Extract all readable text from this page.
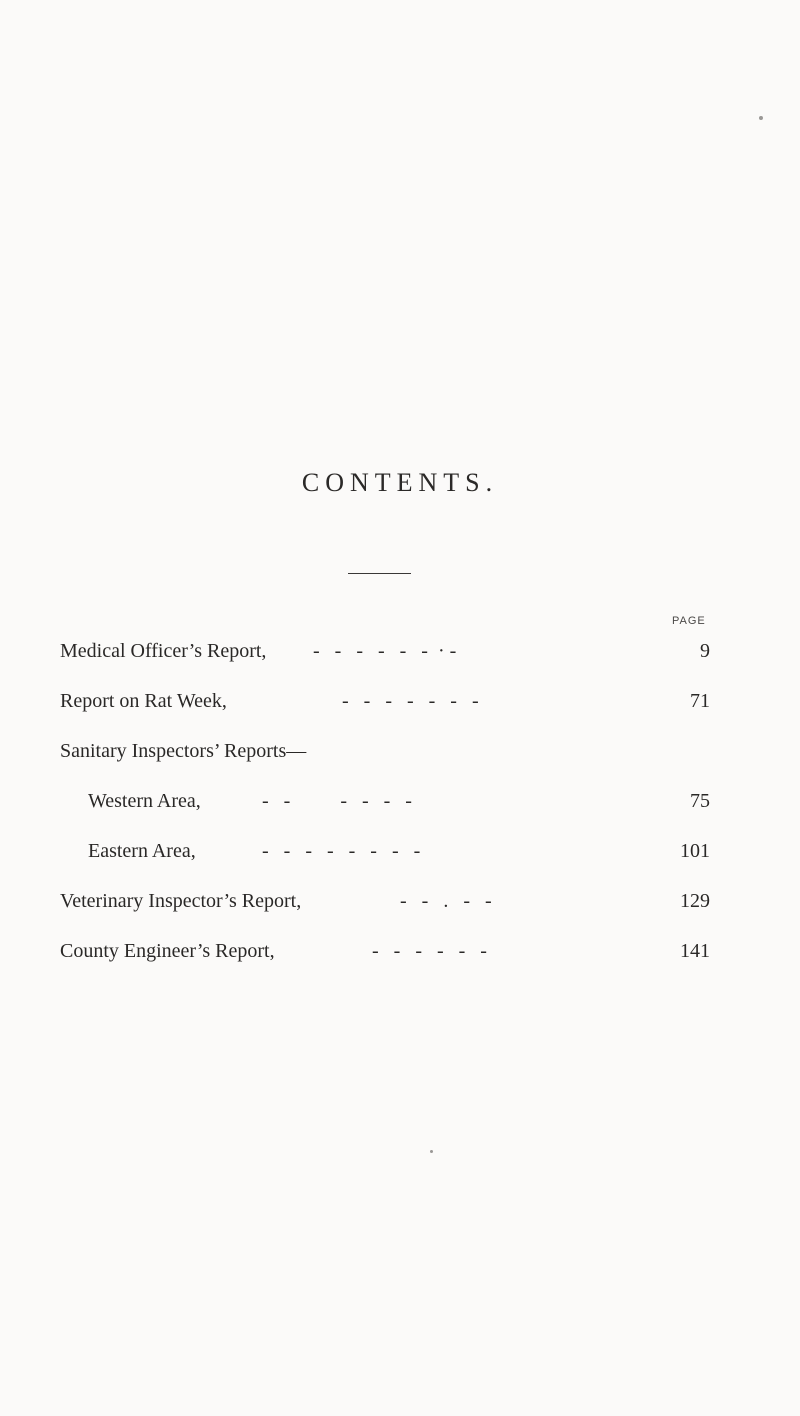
CONTENTS.
PAGE
Medical Officer’s Report, -   -   -   -   -   -  · -	9
Report on Rat Week,	-   -   -   -   -   -   -	71
Sanitary Inspectors’ Reports—
Western Area,	-   -          -   -   -   -	75
Eastern Area,	-   -   -   -   -   -   -   -	101
Veterinary Inspector’s Report,	-   -   .   -   -	129
County Engineer’s Report,	-   -   -   -   -   -	141
